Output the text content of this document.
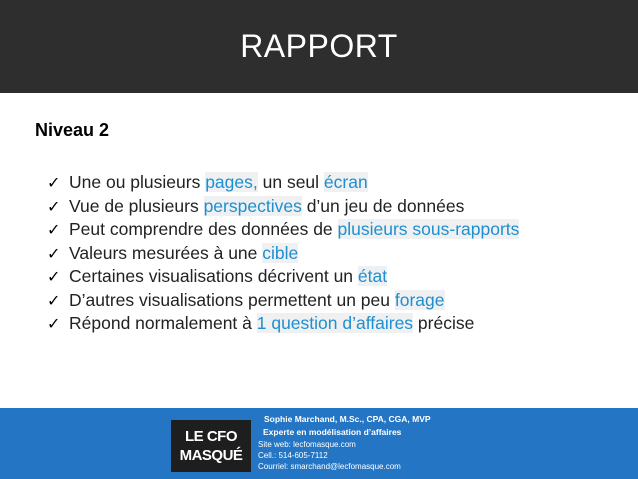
RAPPORT
Niveau 2
✓ Une ou plusieurs pages, un seul écran
✓ Vue de plusieurs perspectives d’un jeu de données
✓ Peut comprendre des données de plusieurs sous-rapports
✓ Valeurs mesurées à une cible
✓ Certaines visualisations décrivent un état
✓ D’autres visualisations permettent un peu forage
✓ Répond normalement à 1 question d’affaires précise
LE CFO
MASQUÉ
Sophie Marchand, M.Sc., CPA, CGA, MVP
Experte en modélisation d’affaires
Site web: lecfomasque.com
Cell.: 514-605-7112
Courriel: smarchand@lecfomasque.com
